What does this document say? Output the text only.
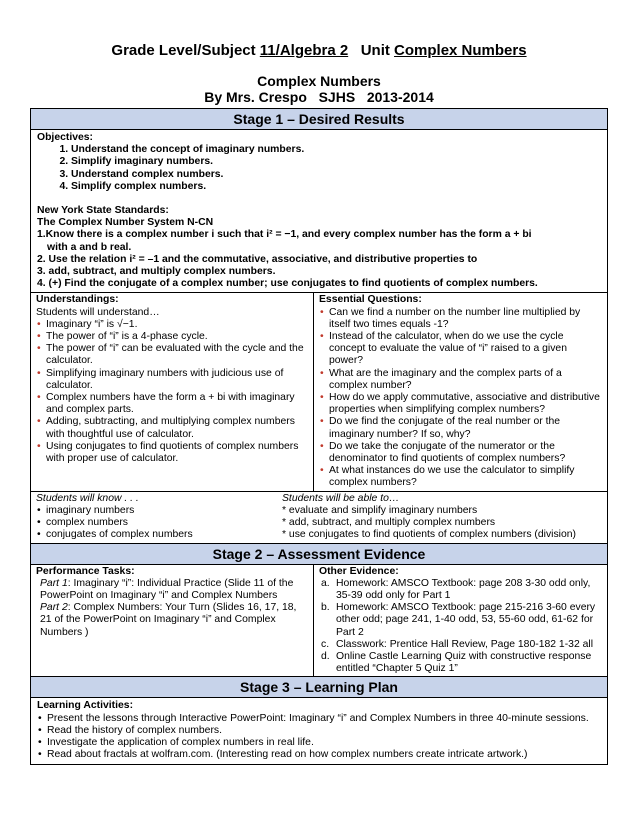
Grade Level/Subject 11/Algebra 2 Unit Complex Numbers
Complex Numbers
By Mrs. Crespo   SJHS   2013-2014
Stage 1 – Desired Results
Objectives:
1. Understand the concept of imaginary numbers.
2. Simplify imaginary numbers.
3. Understand complex numbers.
4. Simplify complex numbers.
New York State Standards:
The Complex Number System N-CN
1.Know there is a complex number i such that i² = −1, and every complex number has the form a + bi
with a and b real.
2. Use the relation i² = –1 and the commutative, associative, and distributive properties to
3. add, subtract, and multiply complex numbers.
4. (+) Find the conjugate of a complex number; use conjugates to find quotients of complex numbers.
Understandings:
Students will understand…
• Imaginary “i” is √−1.
• The power of “i” is a 4-phase cycle.
• The power of “i” can be evaluated with the cycle and the calculator.
• Simplifying imaginary numbers with judicious use of calculator.
• Complex numbers have the form a + bi with imaginary and complex parts.
• Adding, subtracting, and multiplying complex numbers with thoughtful use of calculator.
• Using conjugates to find quotients of complex numbers with proper use of calculator.
Essential Questions:
• Can we find a number on the number line multiplied by itself two times equals -1?
• Instead of the calculator, when do we use the cycle concept to evaluate the value of “i” raised to a given power?
• What are the imaginary and the complex parts of a complex number?
• How do we apply commutative, associative and distributive properties when simplifying complex numbers?
• Do we find the conjugate of the real number or the imaginary number? If so, why?
• Do we take the conjugate of the numerator or the denominator to find quotients of complex numbers?
• At what instances do we use the calculator to simplify complex numbers?
Students will know . . .
• imaginary numbers
• complex numbers
• conjugates of complex numbers
Students will be able to…
* evaluate and simplify imaginary numbers
* add, subtract, and multiply complex numbers
* use conjugates to find quotients of complex numbers (division)
Stage 2 – Assessment Evidence
Performance Tasks:
Part 1: Imaginary “i”: Individual Practice (Slide 11 of the PowerPoint on Imaginary “i” and Complex Numbers
Part 2: Complex Numbers: Your Turn (Slides 16, 17, 18, 21 of the PowerPoint on Imaginary “i” and Complex Numbers )
Other Evidence:
a. Homework: AMSCO Textbook: page 208 3-30 odd only, 35-39 odd only for Part 1
b. Homework: AMSCO Textbook: page 215-216 3-60 every other odd; page 241, 1-40 odd, 53, 55-60 odd, 61-62 for Part 2
c. Classwork: Prentice Hall Review, Page 180-182 1-32 all
d. Online Castle Learning Quiz with constructive response entitled “Chapter 5 Quiz 1”
Stage 3 – Learning Plan
Learning Activities:
• Present the lessons through Interactive PowerPoint: Imaginary “i” and Complex Numbers in three 40-minute sessions.
• Read the history of complex numbers.
• Investigate the application of complex numbers in real life.
• Read about fractals at wolfram.com. (Interesting read on how complex numbers create intricate artwork.)
